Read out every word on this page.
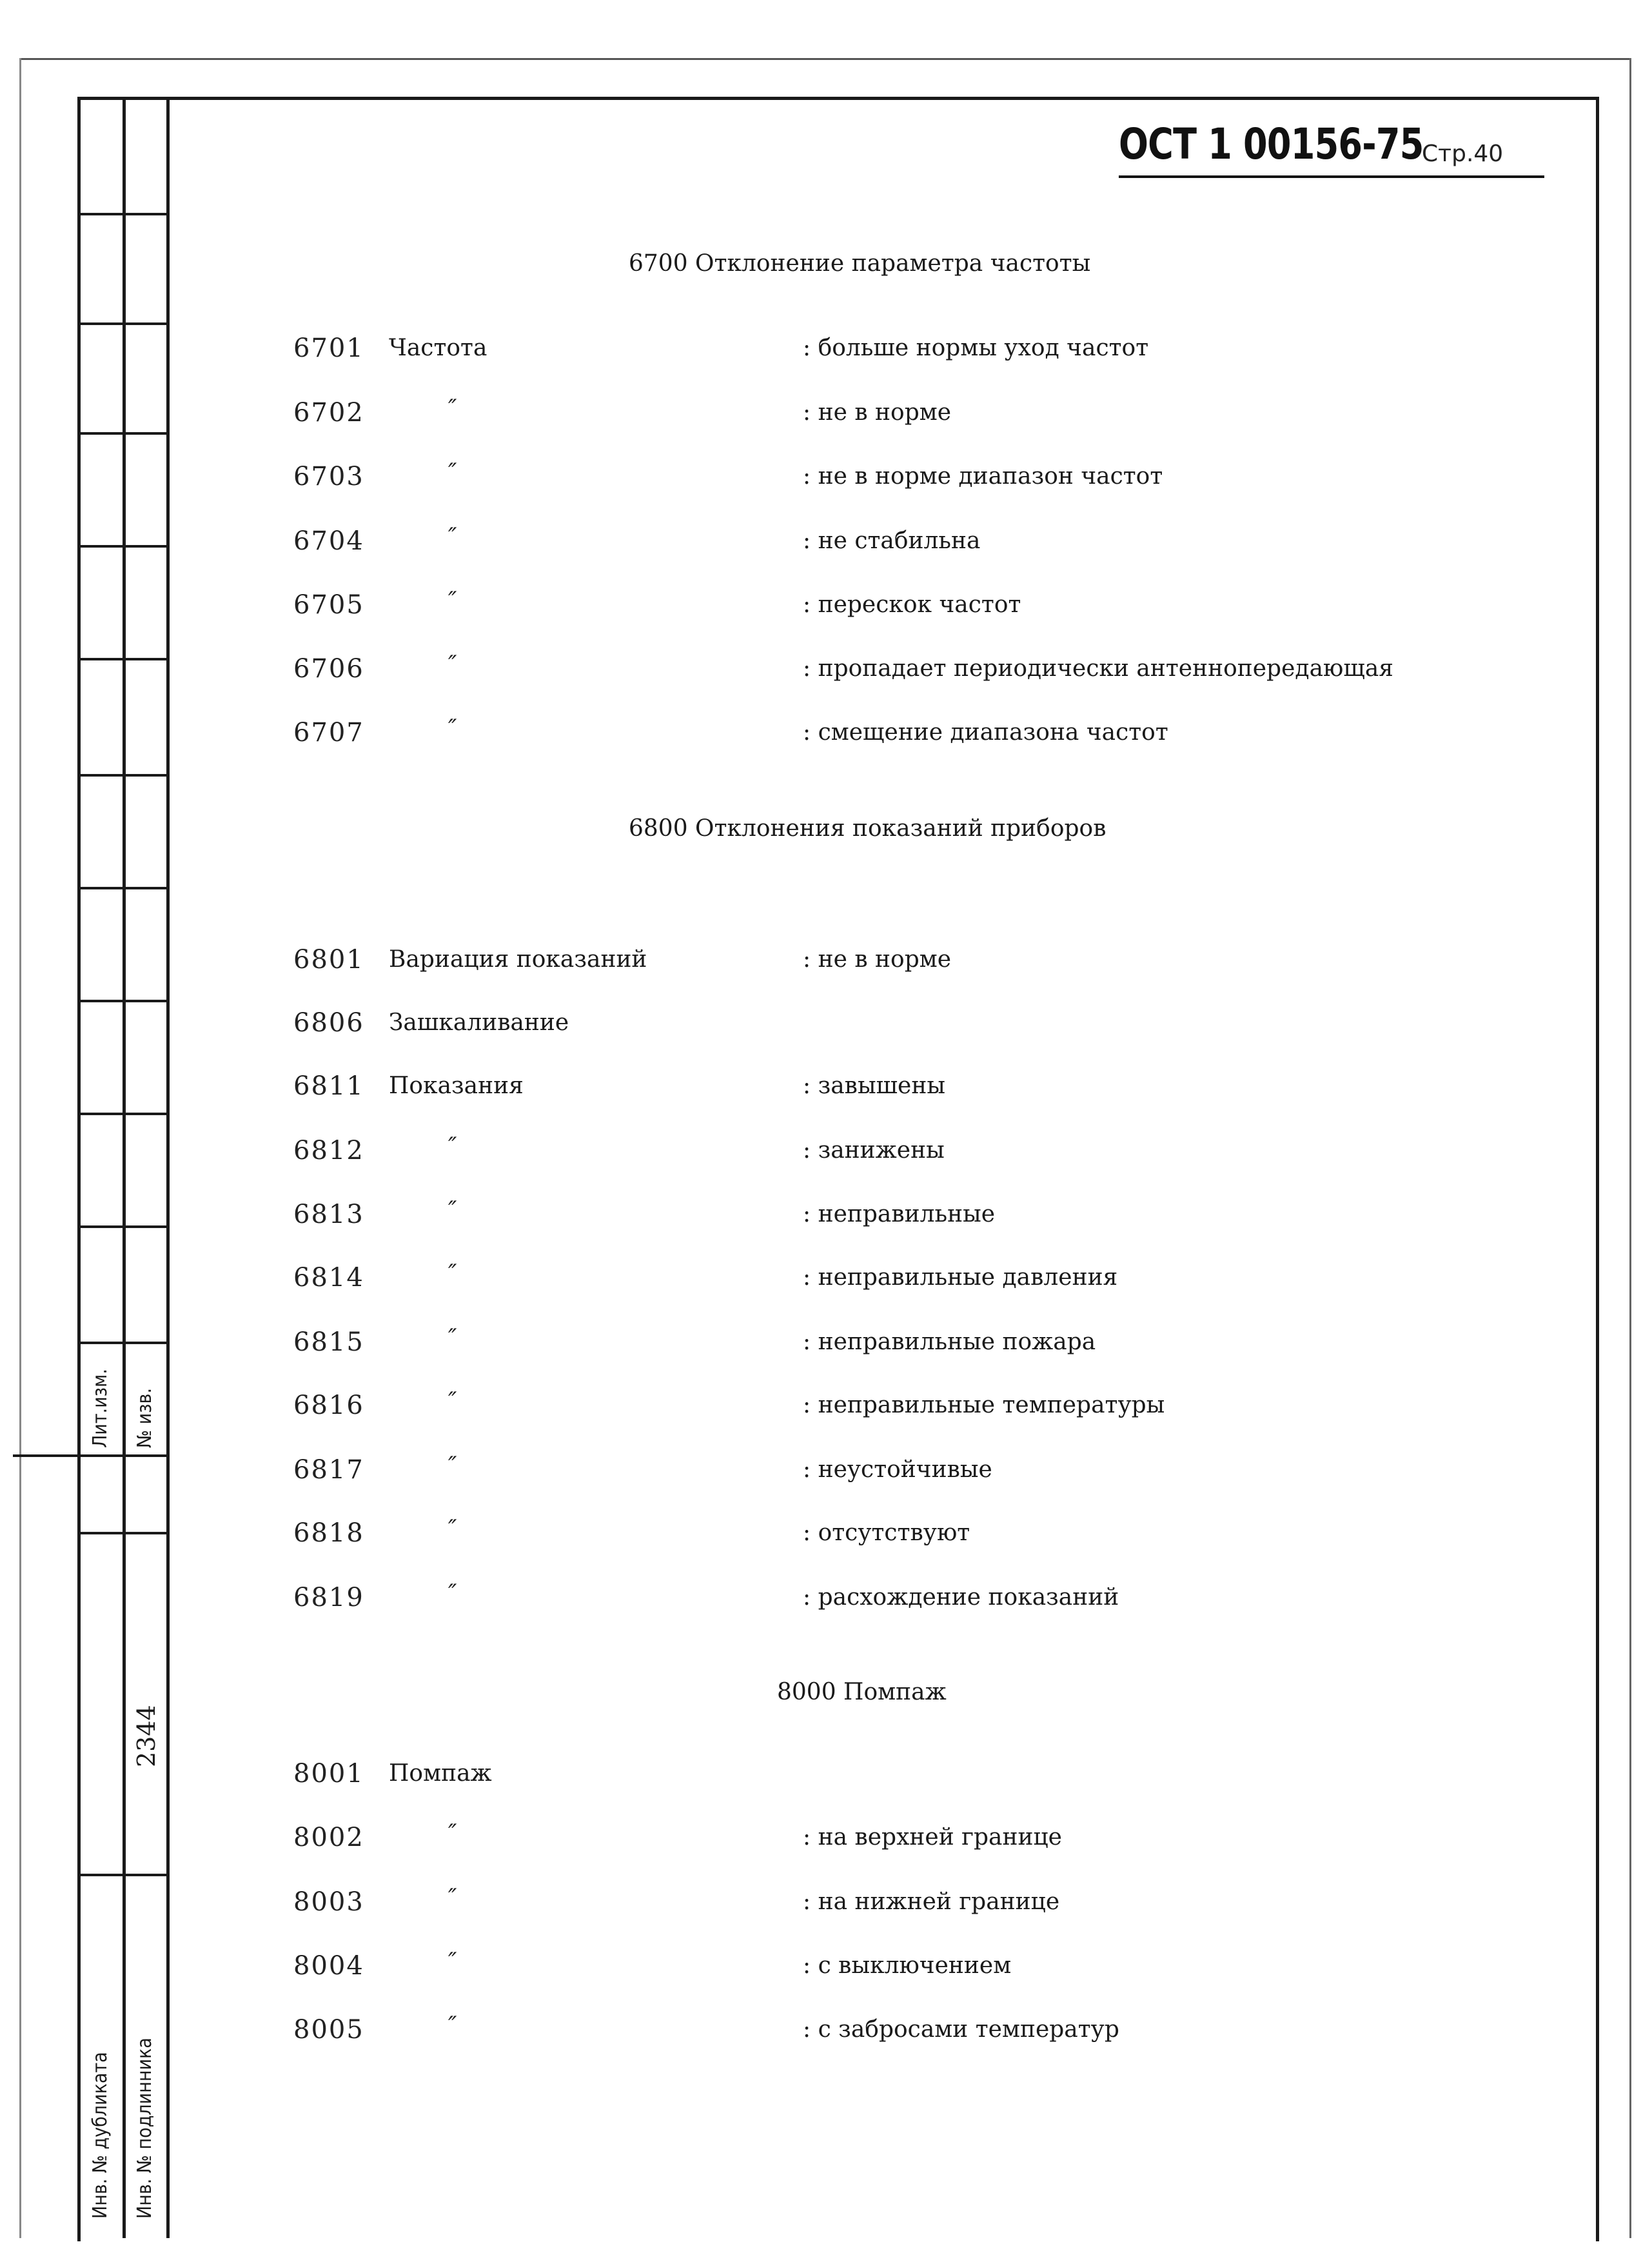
Лит.изм. № изв.
Инв. № дубликата Инв. № подлинника
2344
ОСТ 1 00156-75
Стр.40
6700 Отклонение параметра частоты
6701 Частота	: больше нормы уход частот
6702	″	: не в норме
6703	″	: не в норме диапазон частот
6704	″	: не стабильна
6705	″	: перескок частот
6706	″	: пропадает периодически антеннопередающая
6707	″	: смещение диапазона частот
6800 Отклонения показаний приборов
6801 Вариация показаний	: не в норме
6806 Зашкаливание
6811 Показания	: завышены
6812	″	: занижены
6813	″	: неправильные
6814	″	: неправильные давления
6815	″	: неправильные пожара
6816	″	: неправильные температуры
6817	″	: неустойчивые
6818	″	: отсутствуют
6819	″	: расхождение показаний
8000 Помпаж
8001 Помпаж
8002	″	: на верхней границе
8003	″	: на нижней границе
8004	″	: с выключением
8005	″	: с забросами температур
